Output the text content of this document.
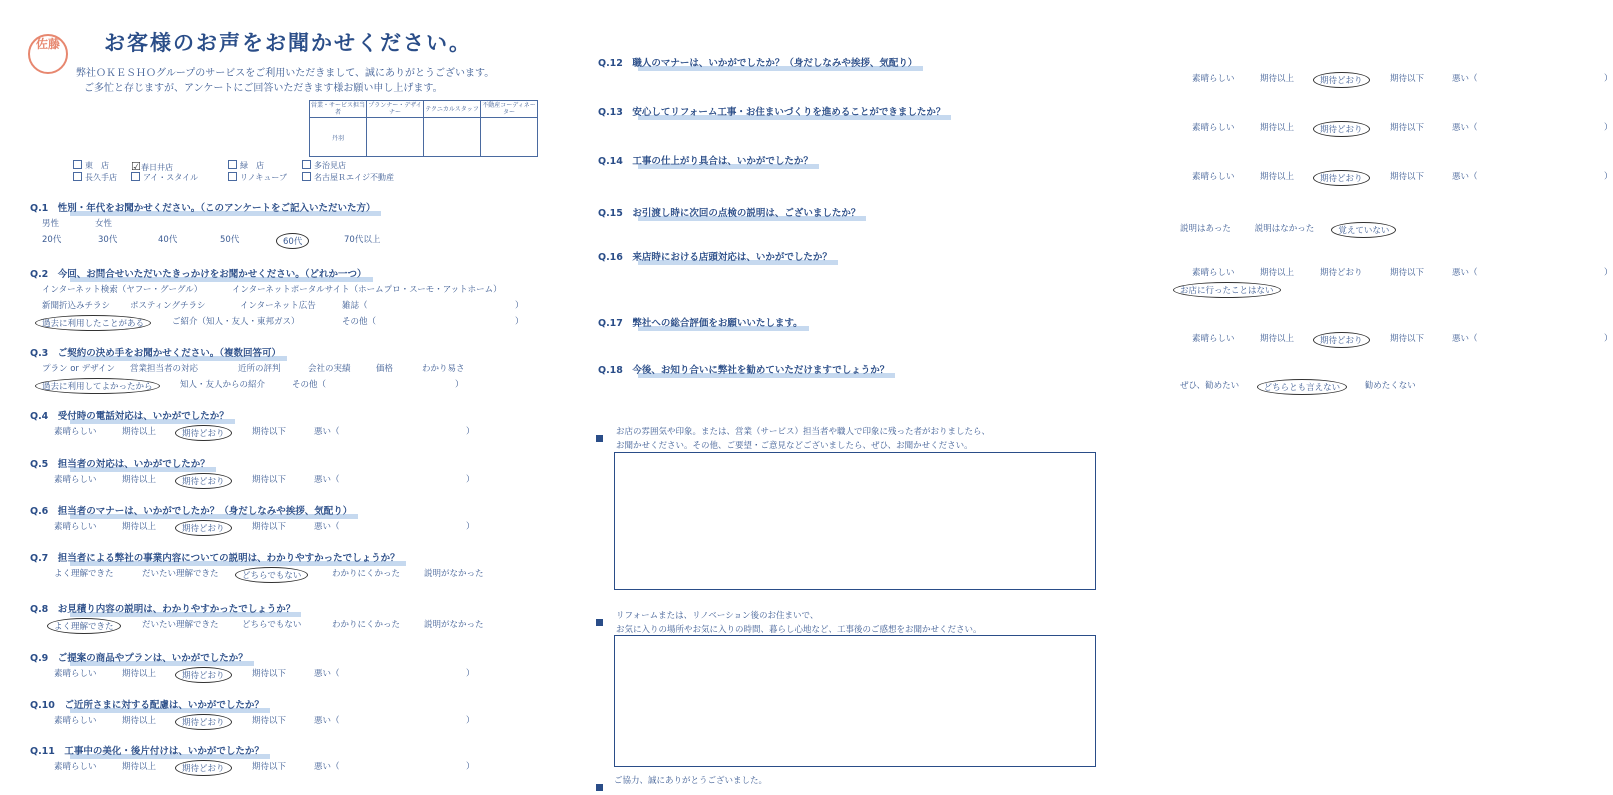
佐藤	お客様のお声をお聞かせください。
弊社ＯＫＥＳＨＯグループのサービスをご利用いただきまして、誠にありがとうございます。
ご多忙と存じますが、アンケートにご回答いただきます様お願い申し上げます。
営業・サービス担当者	プランナー・デザイナー	テクニカルスタッフ	不動産コーディネーター
丹羽			
東　店 ☑春日井店	緑　店	多治見店
長久手店	アイ・スタイル	リノキューブ	名古屋Ｒエイジ不動産
Q.1　性別・年代をお聞かせください。（このアンケートをご記入いただいた方）
男性	女性
20代	30代	40代	50代	60代	70代以上
Q.2　今回、お問合せいただいたきっかけをお聞かせください。（どれか一つ）
インターネット検索（ヤフー・グーグル）	インターネットポータルサイト（ホームプロ・スーモ・アットホーム）
新聞折込みチラシ ポスティングチラシ	インターネット広告	雑誌（	）
過去に利用したことがある	ご紹介（知人・友人・東邦ガス）	その他（	）
Q.3　ご契約の決め手をお聞かせください。（複数回答可）
プラン or デザイン 営業担当者の対応	近所の評判	会社の実績	価格	わかり易さ
過去に利用してよかったから	知人・友人からの紹介	その他（	）
Q.4　受付時の電話対応は、いかがでしたか？
素晴らしい	期待以上	期待どおり	期待以下	悪い（	）
Q.5　担当者の対応は、いかがでしたか？
素晴らしい	期待以上	期待どおり	期待以下	悪い（	）
Q.6　担当者のマナーは、いかがでしたか？（身だしなみや挨拶、気配り）
素晴らしい	期待以上	期待どおり	期待以下	悪い（	）
Q.7　担当者による弊社の事業内容についての説明は、わかりやすかったでしょうか？
よく理解できた	だいたい理解できた	どちらでもない	わかりにくかった	説明がなかった
Q.8　お見積り内容の説明は、わかりやすかったでしょうか？
よく理解できた	だいたい理解できた	どちらでもない	わかりにくかった	説明がなかった
Q.9　ご提案の商品やプランは、いかがでしたか？
素晴らしい	期待以上	期待どおり	期待以下	悪い（	）
Q.10　ご近所さまに対する配慮は、いかがでしたか？
素晴らしい	期待以上	期待どおり	期待以下	悪い（	）
Q.11　工事中の美化・後片付けは、いかがでしたか？
素晴らしい	期待以上	期待どおり	期待以下	悪い（	）
Q.12　職人のマナーは、いかがでしたか？（身だしなみや挨拶、気配り）
素晴らしい	期待以上	期待どおり	期待以下	悪い（	）
Q.13　安心してリフォーム工事・お住まいづくりを進めることができましたか？
素晴らしい	期待以上	期待どおり	期待以下	悪い（	）
Q.14　工事の仕上がり具合は、いかがでしたか？
素晴らしい	期待以上	期待どおり	期待以下	悪い（	）
Q.15　お引渡し時に次回の点検の説明は、ございましたか？
説明はあった	説明はなかった	覚えていない
Q.16　来店時における店頭対応は、いかがでしたか？
素晴らしい	期待以上	期待どおり	期待以下	悪い（	）
お店に行ったことはない
Q.17　弊社への総合評価をお願いいたします。
素晴らしい	期待以上	期待どおり	期待以下	悪い（	）
Q.18　今後、お知り合いに弊社を勧めていただけますでしょうか？
ぜひ、勧めたい	どちらとも言えない	勧めたくない
お店の雰囲気や印象。または、営業（サービス）担当者や職人で印象に残った者がおりましたら、
お聞かせください。その他、ご要望・ご意見などございましたら、ぜひ、お聞かせください。
リフォームまたは、リノベーション後のお住まいで、
お気に入りの場所やお気に入りの時間、暮らし心地など、工事後のご感想をお聞かせください。
ご協力、誠にありがとうございました。
